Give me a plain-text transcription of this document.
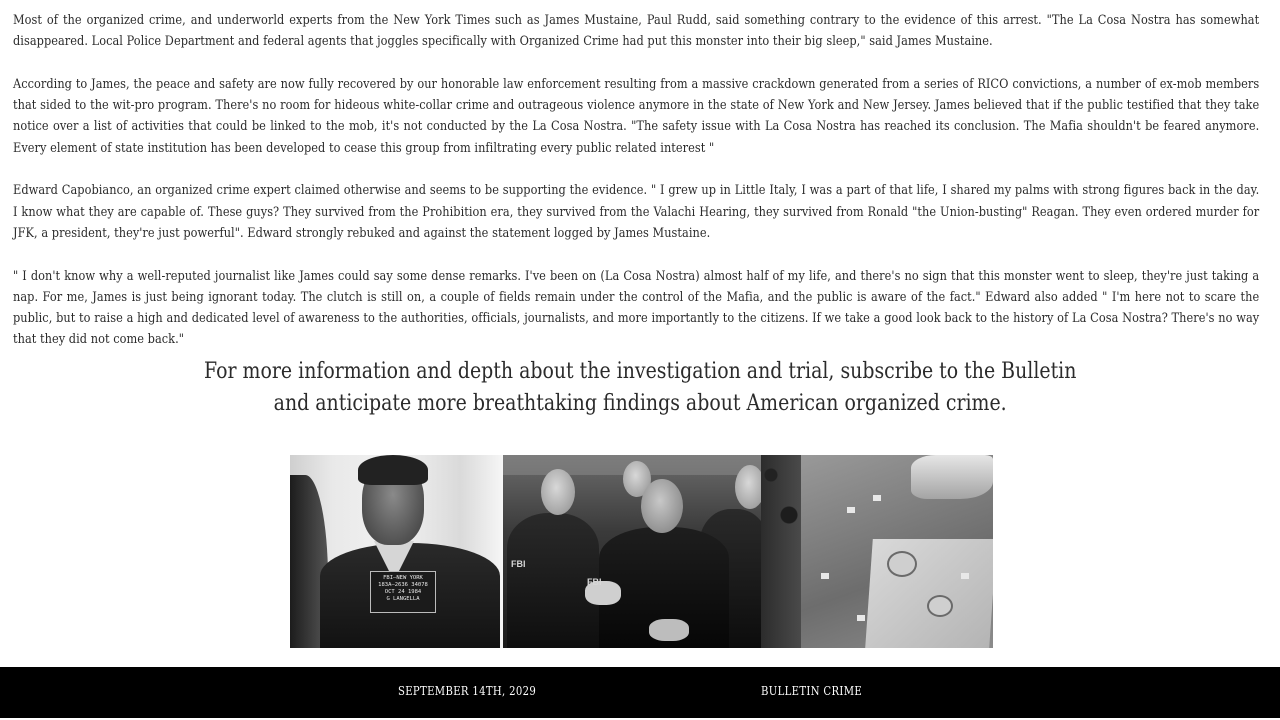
Most of the organized crime, and underworld experts from the New York Times such as James Mustaine, Paul Rudd, said something contrary to the evidence of this arrest. "The La Cosa Nostra has somewhat disappeared. Local Police Department and federal agents that joggles specifically with Organized Crime had put this monster into their big sleep," said James Mustaine.

According to James, the peace and safety are now fully recovered by our honorable law enforcement resulting from a massive crackdown generated from a series of RICO convictions, a number of ex-mob members that sided to the wit-pro program. There's no room for hideous white-collar crime and outrageous violence anymore in the state of New York and New Jersey. James believed that if the public testified that they take notice over a list of activities that could be linked to the mob, it's not conducted by the La Cosa Nostra. "The safety issue with La Cosa Nostra has reached its conclusion. The Mafia shouldn't be feared anymore. Every element of state institution has been developed to cease this group from infiltrating every public related interest "

Edward Capobianco, an organized crime expert claimed otherwise and seems to be supporting the evidence. " I grew up in Little Italy, I was a part of that life, I shared my palms with strong figures back in the day. I know what they are capable of. These guys? They survived from the Prohibition era, they survived from the Valachi Hearing, they survived from Ronald "the Union-busting" Reagan. They even ordered murder for JFK, a president, they're just powerful". Edward strongly rebuked and against the statement logged by James Mustaine.

" I don't know why a well-reputed journalist like James could say some dense remarks. I've been on (La Cosa Nostra) almost half of my life, and there's no sign that this monster went to sleep, they're just taking a nap. For me, James is just being ignorant today. The clutch is still on, a couple of fields remain under the control of the Mafia, and the public is aware of the fact." Edward also added " I'm here not to scare the public, but to raise a high and dedicated level of awareness to the authorities, officials, journalists, and more importantly to the citizens. If we take a good look back to the history of La Cosa Nostra? There's no way that they did not come back."

For more information and depth about the investigation and trial, subscribe to the Bulletin
and anticipate more breathtaking findings about American organized crime.
FBI—NEW YORK
183A—2636 34078
OCT 24 1984
G LANGELLA
FBI
FBI
SEPTEMBER 14TH, 2029	BULLETIN CRIME
